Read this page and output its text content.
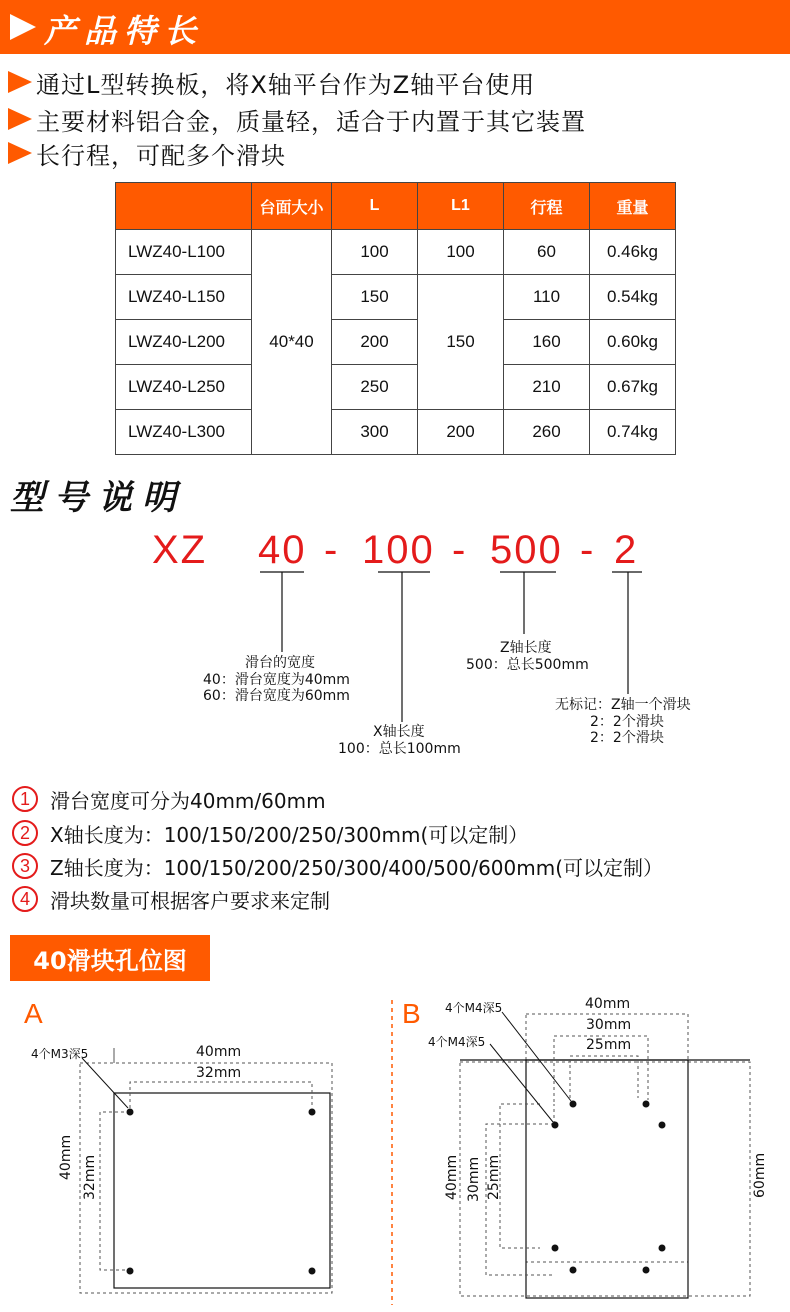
产品特长
通过L型转换板，将X轴平台作为Z轴平台使用
主要材料铝合金，质量轻，适合于内置于其它装置
长行程，可配多个滑块
	台面大小	L	L1	行程	重量
LWZ40-L100	40*40	100	100	60	0.46kg
LWZ40-L150		150	150	110	0.54kg
LWZ40-L200		200		160	0.60kg
LWZ40-L250		250		210	0.67kg
LWZ40-L300		300	200	260	0.74kg
型号说明
XZ 40 - 100 - 500 - 2
滑台的宽度
40：滑台宽度为40mm
60：滑台宽度为60mm
X轴长度
100：总长100mm
Z轴长度
500：总长500mm
无标记：Z轴一个滑块
2：2个滑块
2：2个滑块
1	滑台宽度可分为40mm/60mm
2	X轴长度为：100/150/200/250/300mm(可以定制）
3	Z轴长度为：100/150/200/250/300/400/500/600mm(可以定制）
4	滑块数量可根据客户要求来定制
40滑块孔位图
A	B
4个M3深5	40mm
32mm
40mm 32mm
4个M4深5
4个M4深5
40mm
30mm
25mm
40mm 30mm 25mm	60mm
